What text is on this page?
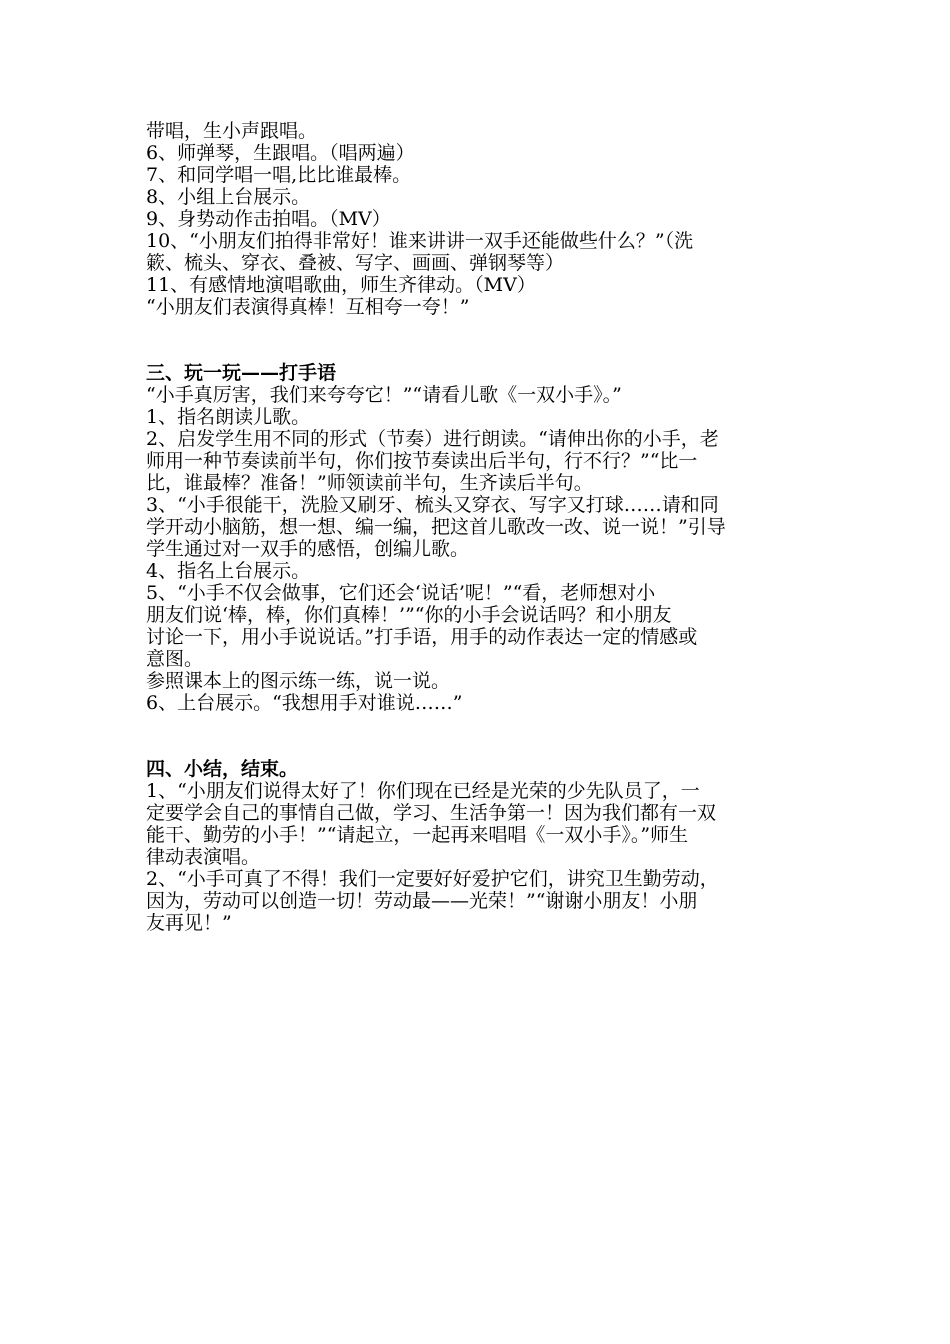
带唱，生小声跟唱。
6、师弹琴，生跟唱。（唱两遍）
7、和同学唱一唱,比比谁最棒。
8、小组上台展示。
9、身势动作击拍唱。（MV）
10、“小朋友们拍得非常好！谁来讲讲一双手还能做些什么？”（洗
簌、梳头、穿衣、叠被、写字、画画、弹钢琴等）
11、有感情地演唱歌曲，师生齐律动。（MV）
“小朋友们表演得真棒！互相夸一夸！”
三、玩一玩——打手语
“小手真厉害，我们来夸夸它！”“请看儿歌《一双小手》。”
1、指名朗读儿歌。
2、启发学生用不同的形式（节奏）进行朗读。“请伸出你的小手，老
师用一种节奏读前半句，你们按节奏读出后半句，行不行？”“比一
比，谁最棒？准备！”师领读前半句，生齐读后半句。
3、“小手很能干，洗脸又刷牙、梳头又穿衣、写字又打球……请和同
学开动小脑筋，想一想、编一编，把这首儿歌改一改、说一说！”引导
学生通过对一双手的感悟，创编儿歌。
4、指名上台展示。
5、“小手不仅会做事，它们还会‘说话’呢！”“看，老师想对小
朋友们说‘棒，棒，你们真棒！’”“你的小手会说话吗？和小朋友
讨论一下，用小手说说话。”打手语，用手的动作表达一定的情感或
意图。
参照课本上的图示练一练，说一说。
6、上台展示。“我想用手对谁说……”
四、小结，结束。
1、“小朋友们说得太好了！你们现在已经是光荣的少先队员了，一
定要学会自己的事情自己做，学习、生活争第一！因为我们都有一双
能干、勤劳的小手！”“请起立，一起再来唱唱《一双小手》。”师生
律动表演唱。
2、“小手可真了不得！我们一定要好好爱护它们，讲究卫生勤劳动，
因为，劳动可以创造一切！劳动最——光荣！”“谢谢小朋友！小朋
友再见！”
